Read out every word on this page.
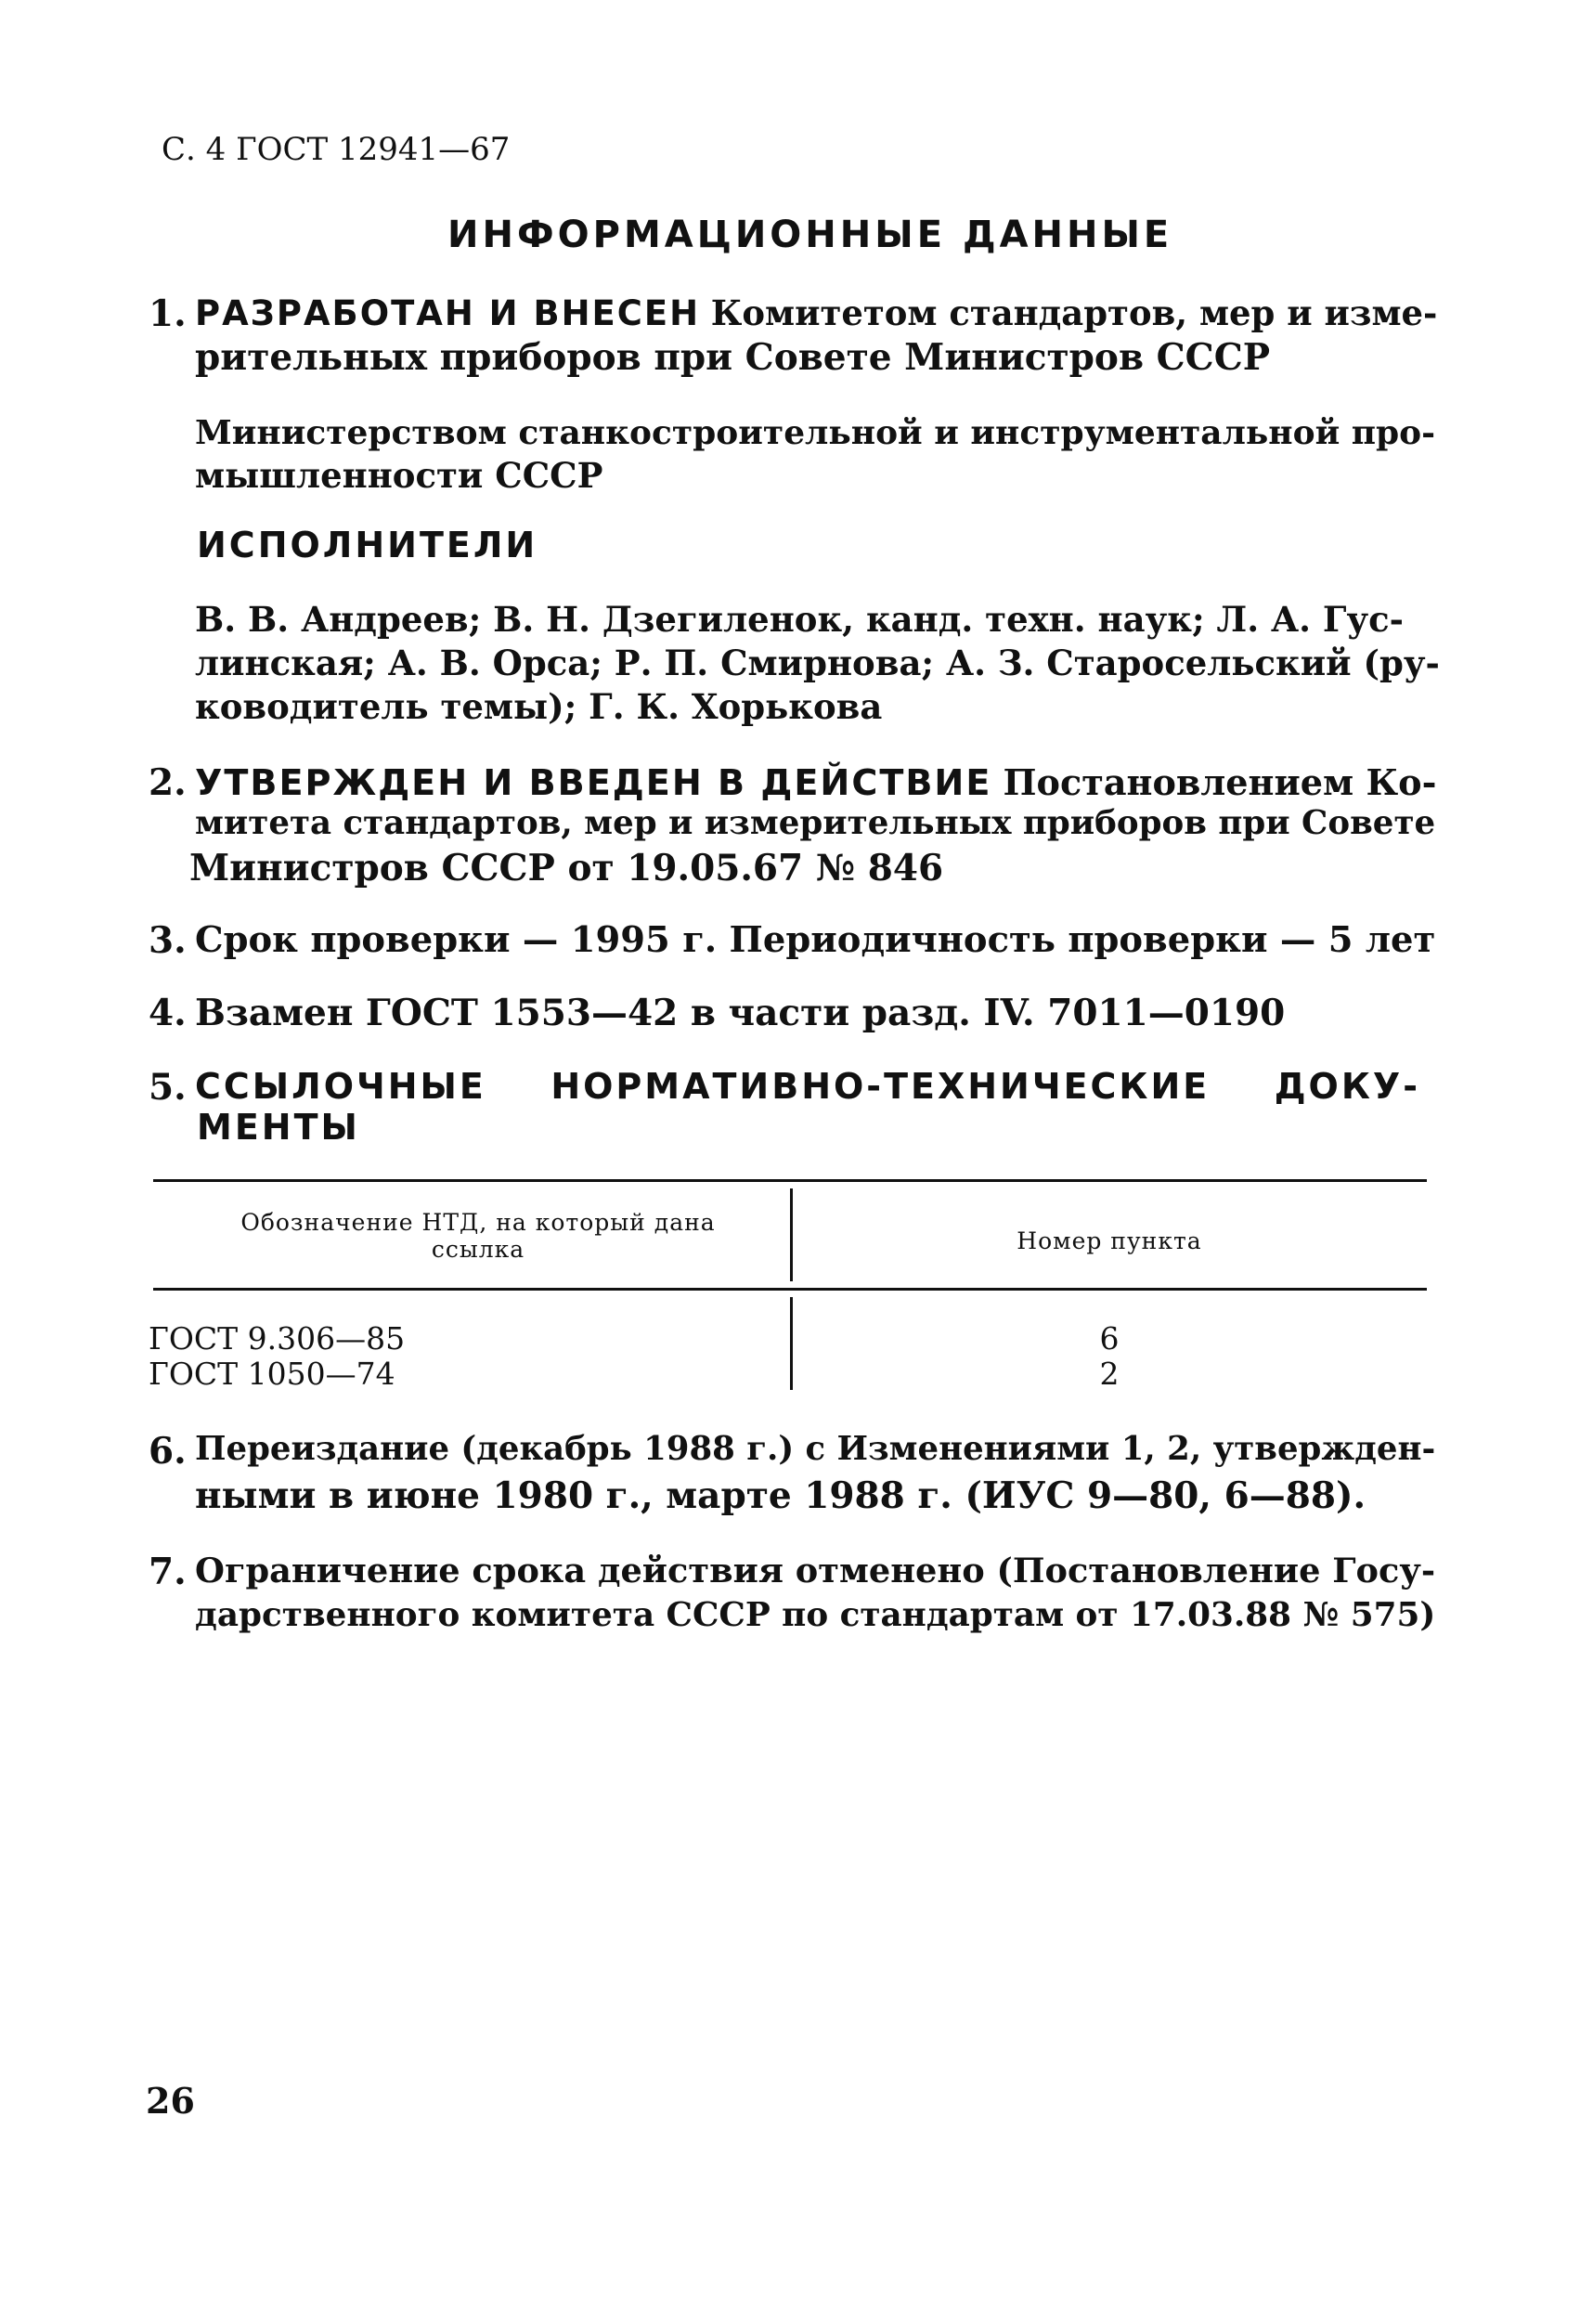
С. 4 ГОСТ 12941—67
ИНФОРМАЦИОННЫЕ ДАННЫЕ
1. РАЗРАБОТАН И ВНЕСЕН Комитетом стандартов, мер и изме-
рительных приборов при Совете Министров СССР
Министерством станкостроительной и инструментальной про-
мышленности СССР
ИСПОЛНИТЕЛИ
В. В. Андреев; В. Н. Дзегиленок, канд. техн. наук; Л. А. Гус-
линская; А. В. Орса; Р. П. Смирнова; А. З. Старосельский (ру-
ководитель темы); Г. К. Хорькова
2. УТВЕРЖДЕН И ВВЕДЕН В ДЕЙСТВИЕ Постановлением Ко-
митета стандартов, мер и измерительных приборов при Совете
Министров СССР от 19.05.67 № 846
3. Срок проверки — 1995 г. Периодичность проверки — 5 лет
4. Взамен ГОСТ 1553—42 в части разд. IV. 7011—0190
5. ССЫЛОЧНЫЕ НОРМАТИВНО-ТЕХНИЧЕСКИЕ ДОКУ-
МЕНТЫ
Обозначение НТД, на который дана
ссылка	Номер пункта
ГОСТ 9.306—85	6
ГОСТ 1050—74	2
6. Переиздание (декабрь 1988 г.) с Изменениями 1, 2, утвержден-
ными в июне 1980 г., марте 1988 г. (ИУС 9—80, 6—88).
7. Ограничение срока действия отменено (Постановление Госу-
дарственного комитета СССР по стандартам от 17.03.88 № 575)
26
